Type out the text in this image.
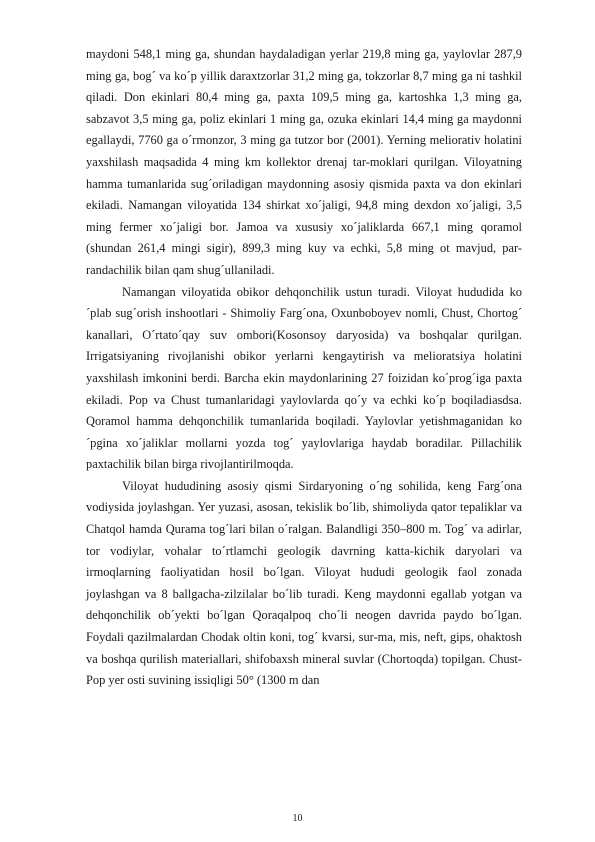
maydoni 548,1 ming ga, shundan haydaladigan yerlar 219,8 ming ga, yaylovlar 287,9 ming ga, bog´ va ko´p yillik daraxtzorlar 31,2 ming ga, tokzorlar 8,7 ming ga ni tashkil qiladi. Don ekinlari 80,4 ming ga, paxta 109,5 ming ga, kartoshka 1,3 ming ga, sabzavot 3,5 ming ga, poliz ekinlari 1 ming ga, ozuka ekinlari 14,4 ming ga maydonni egallaydi, 7760 ga o´rmonzor, 3 ming ga tutzor bor (2001). Yerning meliorativ holatini yaxshilash maqsadida 4 ming km kollektor drenaj tar-moklari qurilgan. Viloyatning hamma tumanlarida sug´oriladigan maydonning asosiy qismida paxta va don ekinlari ekiladi. Namangan viloyatida 134 shirkat xo´jaligi, 94,8 ming dexdon xo´jaligi, 3,5 ming fermer xo´jaligi bor. Jamoa va xususiy xo´jaliklarda 667,1 ming qoramol (shundan 261,4 mingi sigir), 899,3 ming kuy va echki, 5,8 ming ot mavjud, par-randachilik bilan qam shug´ullaniladi.

Namangan viloyatida obikor dehqonchilik ustun turadi. Viloyat hududida ko´plab sug´orish inshootlari - Shimoliy Farg´ona, Oxunboboyev nomli, Chust, Chortog´ kanallari, O´rtato´qay suv ombori(Kosonsoy daryosida) va boshqalar qurilgan. Irrigatsiyaning rivojlanishi obikor yerlarni kengaytirish va melioratsiya holatini yaxshilash imkonini berdi. Barcha ekin maydonlarining 27 foizidan ko´prog´iga paxta ekiladi. Pop va Chust tumanlaridagi yaylovlarda qo´y va echki ko´p boqiladiasdsa. Qoramol hamma dehqonchilik tumanlarida boqiladi. Yaylovlar yetishmaganidan ko´pgina xo´jaliklar mollarni yozda tog´ yaylovlariga haydab boradilar. Pillachilik paxtachilik bilan birga rivojlantirilmoqda.

Viloyat hududining asosiy qismi Sirdaryoning o´ng sohilida, keng Farg´ona vodiysida joylashgan. Yer yuzasi, asosan, tekislik bo´lib, shimoliyda qator tepaliklar va Chatqol hamda Qurama tog´lari bilan o´ralgan. Balandligi 350–800 m. Tog´ va adirlar, tor vodiylar, vohalar to´rtlamchi geologik davrning katta-kichik daryolari va irmoqlarning faoliyatidan hosil bo´lgan. Viloyat hududi geologik faol zonada joylashgan va 8 ballgacha-zilzilalar bo´lib turadi. Keng maydonni egallab yotgan va dehqonchilik ob´yekti bo´lgan Qoraqalpoq cho´li neogen davrida paydo bo´lgan. Foydali qazilmalardan Chodak oltin koni, tog´ kvarsi, sur-ma, mis, neft, gips, ohaktosh va boshqa qurilish materiallari, shifobaxsh mineral suvlar (Chortoqda) topilgan. Chust-Pop yer osti suvining issiqligi 50° (1300 m dan

10
